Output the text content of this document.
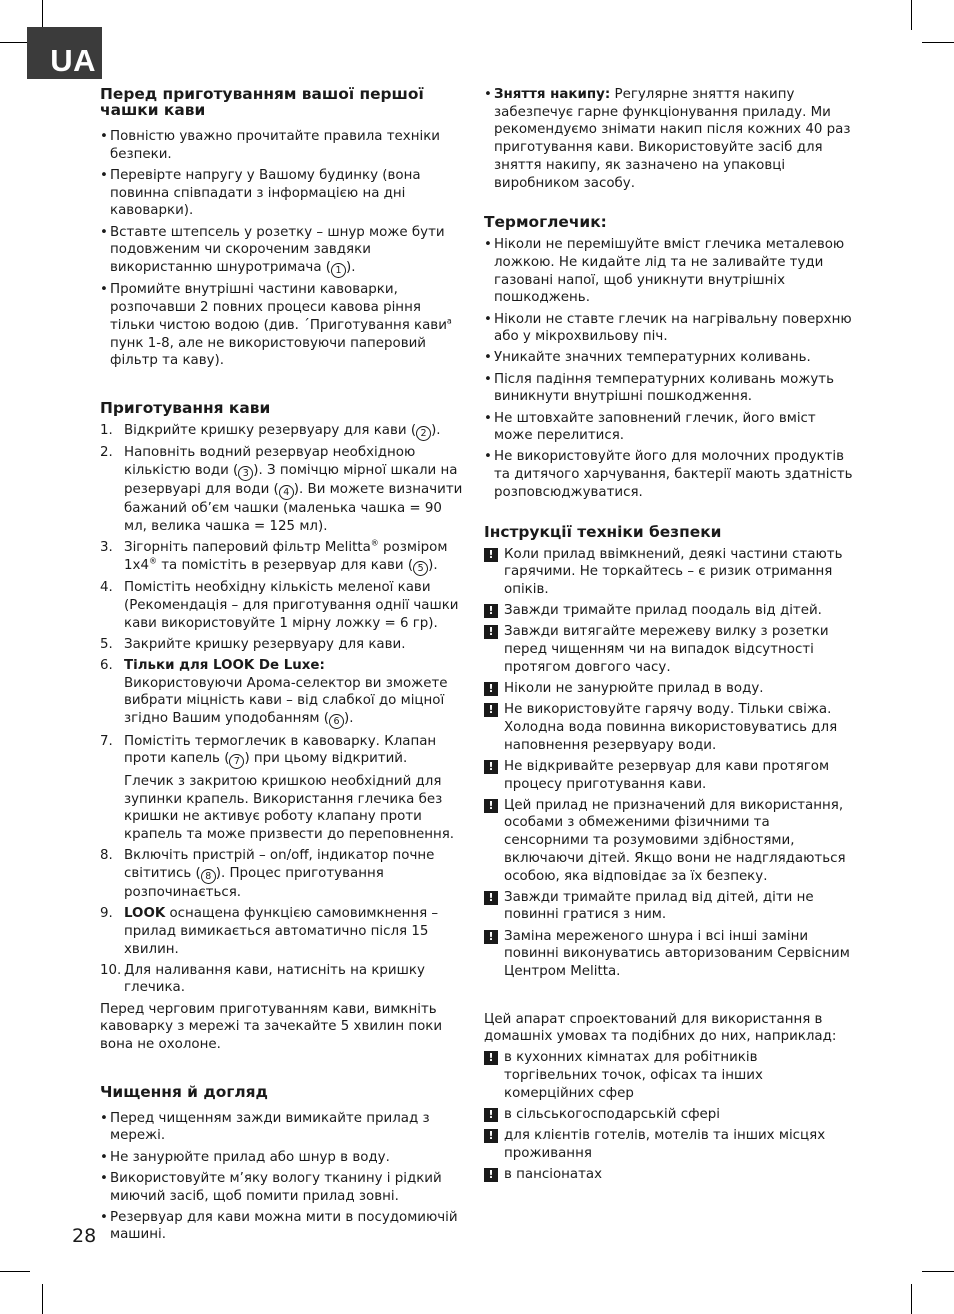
UA
Перед приготуванням вашої першої чашки кави
• Повністю уважно прочитайте правила техніки безпеки.
• Перевірте напругу у Вашому будинку (вона повинна співпадати з інформацією на дні кавоварки).
• Вставте штепсель у розетку – шнур може бути подовженим чи скороченим завдяки використанню шнуротримача ( 1 ).
• Промийте внутрішні частини кавоварки, розпочавши 2 повних процеси кавова ріння тільки чистою водою (див. ´Приготування кави$^a$ пунк 1-8, але не використовуючи паперовий фільтр та каву).
Приготування кави
1. Відкрийте кришку резервуару для кави ( 2 ).
2. Наповніть водний резервуар необхідною кількістю води ( 3 ). З помічцю мірної шкали на резервуарі для води ( 4 ). Ви можете визначити бажаний об’єм чашки (маленька чашка = 90 мл, велика чашка = 125 мл).
3. Зігорніть паперовий фільтр Melitta® розміром 1x4® та помістіть в резервуар для кави ( 5 ).
4. Помістіть необхідну кількість меленої кави (Рекомендація – для приготування однії чашки кави використовуйте 1 мірну ложку = 6 гр).
5. Закрийте кришку резервуару для кави.
6. Тільки для LOOK De Luxe:
Використовуючи Арома-селектор ви зможете вибрати міцність кави – від слабкої до міцної згідно Вашим уподобанням ( 6 ).
7. Помістіть термоглечик в кавоварку. Клапан проти капель ( 7 ) при цьому відкритий.
Глечик з закритою кришкою необхідний для зупинки крапель. Використання глечика без кришки не активує роботу клапану проти крапель та може призвести до переповнення.
8. Включіть пристрій – on/off, індикатор почне світитись ( 8 ). Процес приготування розпочинається.
9. LOOK оснащена функцією самовимкнення – прилад вимикається автоматично після 15 хвилин.
10. Для наливання кави, натисніть на кришку глечика.
Перед черговим приготуванням кави, вимкніть кавоварку з мережі та зачекайте 5 хвилин поки вона не охолоне.
Чищення й догляд
• Перед чищенням зажди вимикайте прилад з мережі.
• Не занурюйте прилад або шнур в воду.
• Використовуйте м’яку вологу тканину і рідкий миючий засіб, щоб помити прилад зовні.
• Резервуар для кави можна мити в посудомиючій машині.
• Зняття накипу: Регулярне зняття накипу забезпечує гарне функціонування приладу. Ми рекомендуємо знімати накип після кожних 40 раз приготування кави. Використовуйте засіб для зняття накипу, як зазначено на упаковці виробником засобу.
Термоглечик:
• Ніколи не перемішуйте вміст глечика металевою ложкою. Не кидайте лід та не заливайте туди газовані напої, щоб уникнути внутрішніх пошкоджень.
• Ніколи не ставте глечик на нагрівальну поверхню або у мікрохвильову піч.
• Уникайте значних температурних коливань.
• Після падіння температурних коливань можуть виникнути внутрішні пошкодження.
• Не штовхайте заповнений глечик, його вміст може перелитися.
• Не використовуйте його для молочних продуктів та дитячого харчування, бактерії мають здатність розповсюджуватися.
Інструкції техніки безпеки
! Коли прилад ввімкнений, деякі частини стають гарячими. Не торкайтесь – є ризик отримання опіків.
! Завжди тримайте прилад поодаль від дітей.
! Завжди витягайте мережеву вилку з розетки перед чищенням чи на випадок відсутності протягом довгого часу.
! Ніколи не занурюйте прилад в воду.
! Не використовуйте гарячу воду. Тільки свіжа. Холодна вода повинна використовуватись для наповнення резервуару води.
! Не відкривайте резервуар для кави протягом процесу приготування кави.
! Цей прилад не призначений для використання, особами з обмеженими фізичними та сенсорними та розумовими здібностями, включаючи дітей. Якщо вони не надглядаються особою, яка відповідає за їх безпеку.
! Завжди тримайте прилад від дітей, діти не повинні гратися з ним.
! Заміна мереженого шнура і всі інші заміни повинні виконуватись авторизованим Сервісним Центром Melitta.
Цей апарат спроектований для використання в домашніх умовах та подібних до них, наприклад:
! в кухонних кімнатах для робітників торгівельних точок, офісах та інших комерційних сфер
! в сільськогосподарській сфері
! для клієнтів готелів, мотелів та інших місцях проживання
! в пансіонатах
28
